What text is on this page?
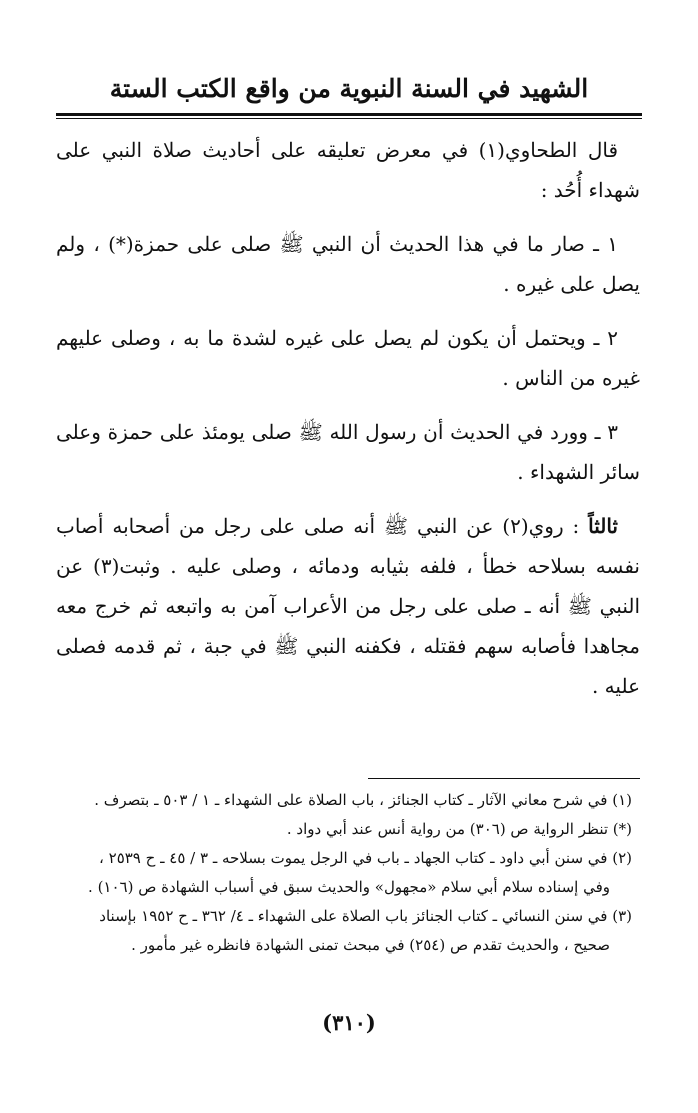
الشهيد في السنة النبوية من واقع الكتب الستة

قال الطحاوي(١) في معرض تعليقه على أحاديث صلاة النبي على شهداء أُحُد :

١ ـ صار ما في هذا الحديث أن النبي ﷺ صلى على حمزة(*) ، ولم يصل على غيره .

٢ ـ ويحتمل أن يكون لم يصل على غيره لشدة ما به ، وصلى عليهم غيره من الناس .

٣ ـ وورد في الحديث أن رسول الله ﷺ صلى يومئذ على حمزة وعلى سائر الشهداء .

ثالثاً : روي(٢) عن النبي ﷺ أنه صلى على رجل من أصحابه أصاب نفسه بسلاحه خطأ ، فلفه بثيابه ودمائه ، وصلى عليه . وثبت(٣) عن النبي ﷺ أنه ـ صلى على رجل من الأعراب آمن به واتبعه ثم خرج معه مجاهدا فأصابه سهم فقتله ، فكفنه النبي ﷺ في جبة ، ثم قدمه فصلى عليه .

(١) في شرح معاني الآثار ـ كتاب الجنائز ، باب الصلاة على الشهداء ـ ١ / ٥٠٣ ـ بتصرف .

(*) تنظر الرواية ص (٣٠٦) من رواية أنس عند أبي دواد .

(٢) في سنن أبي داود ـ كتاب الجهاد ـ باب في الرجل يموت بسلاحه ـ ٣ / ٤٥ ـ ح ٢٥٣٩ ،

وفي إسناده سلام أبي سلام «مجهول» والحديث سبق في أسباب الشهادة ص (١٠٦) .

(٣) في سنن النسائي ـ كتاب الجنائز باب الصلاة على الشهداء ـ ٤/ ٣٦٢ ـ ح ١٩٥٢ بإسناد

صحيح ، والحديث تقدم ص (٢٥٤) في مبحث تمنى الشهادة فانظره غير مأمور .

(٣١٠)
